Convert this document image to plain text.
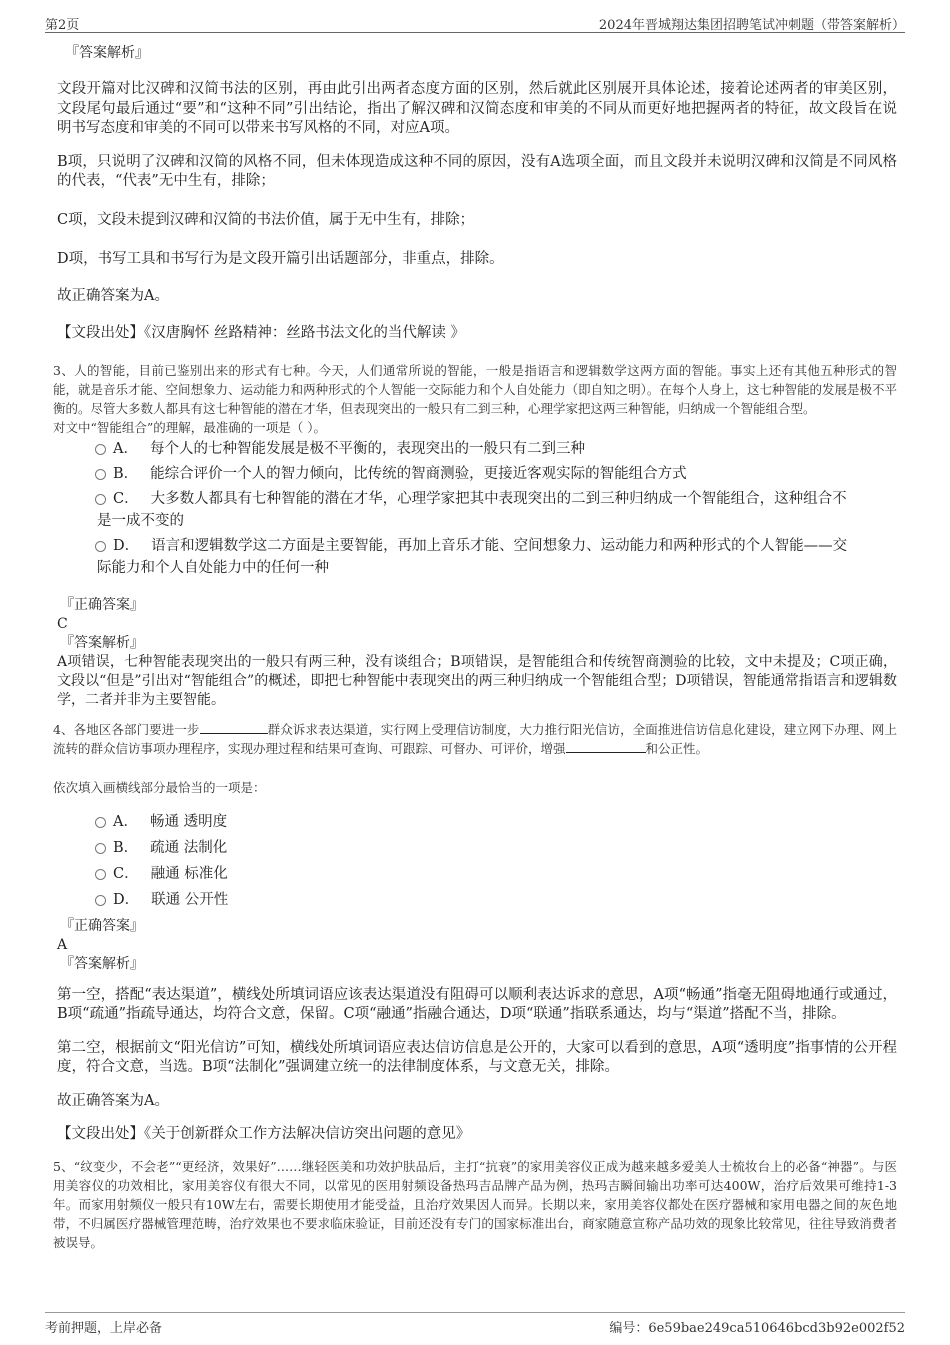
第2页	2024年晋城翔达集团招聘笔试冲刺题（带答案解析）

『答案解析』

文段开篇对比汉碑和汉简书法的区别，再由此引出两者态度方面的区别，然后就此区别展开具体论述，接着论述两者的审美区别，文段尾句最后通过“要”和“这种不同”引出结论，指出了解汉碑和汉简态度和审美的不同从而更好地把握两者的特征，故文段旨在说明书写态度和审美的不同可以带来书写风格的不同，对应A项。

B项，只说明了汉碑和汉简的风格不同，但未体现造成这种不同的原因，没有A选项全面，而且文段并未说明汉碑和汉简是不同风格的代表，“代表”无中生有，排除；

C项，文段未提到汉碑和汉简的书法价值，属于无中生有，排除；

D项，书写工具和书写行为是文段开篇引出话题部分，非重点，排除。

故正确答案为A。

【文段出处】《汉唐胸怀 丝路精神：丝路书法文化的当代解读 》

3、人的智能，目前已鉴别出来的形式有七种。今天，人们通常所说的智能，一般是指语言和逻辑数学这两方面的智能。事实上还有其他五种形式的智能，就是音乐才能、空间想象力、运动能力和两种形式的个人智能一交际能力和个人自处能力（即自知之明）。在每个人身上，这七种智能的发展是极不平衡的。尽管大多数人都具有这七种智能的潜在才华，但表现突出的一般只有二到三种，心理学家把这两三种智能，归纳成一个智能组合型。

对文中“智能组合”的理解，最准确的一项是（ ）。

A． 每个人的七种智能发展是极不平衡的，表现突出的一般只有二到三种
B． 能综合评价一个人的智力倾向，比传统的智商测验，更接近客观实际的智能组合方式
C． 大多数人都具有七种智能的潜在才华，心理学家把其中表现突出的二到三种归纳成一个智能组合，这种组合不

是一成不变的

D． 语言和逻辑数学这二方面是主要智能，再加上音乐才能、空间想象力、运动能力和两种形式的个人智能——交

际能力和个人自处能力中的任何一种

『正确答案』

C

『答案解析』

A项错误，七种智能表现突出的一般只有两三种，没有谈组合；B项错误，是智能组合和传统智商测验的比较，文中未提及；C项正确，文段以“但是”引出对“智能组合”的概述，即把七种智能中表现突出的两三种归纳成一个智能组合型；D项错误，智能通常指语言和逻辑数学，二者并非为主要智能。

4、各地区各部门要进一步	群众诉求表达渠道，实行网上受理信访制度，大力推行阳光信访，全面推进信访信息化建设，建立网下办理、网上流转的群众信访事项办理程序，实现办理过程和结果可查询、可跟踪、可督办、可评价，增强	和公正性。

依次填入画横线部分最恰当的一项是：

A． 畅通 透明度
B． 疏通 法制化
C． 融通 标准化
D． 联通 公开性

『正确答案』

A

『答案解析』

第一空，搭配“表达渠道”，横线处所填词语应该表达渠道没有阻碍可以顺利表达诉求的意思，A项“畅通”指毫无阻碍地通行或通过，B项“疏通”指疏导通达，均符合文意，保留。C项“融通”指融合通达，D项“联通”指联系通达，均与“渠道”搭配不当，排除。

第二空，根据前文“阳光信访”可知，横线处所填词语应表达信访信息是公开的，大家可以看到的意思，A项“透明度”指事情的公开程度，符合文意，当选。B项“法制化”强调建立统一的法律制度体系，与文意无关，排除。

故正确答案为A。

【文段出处】《关于创新群众工作方法解决信访突出问题的意见》

5、“纹变少，不会老”“更经济，效果好”……继轻医美和功效护肤品后，主打“抗衰”的家用美容仪正成为越来越多爱美人士梳妆台上的必备“神器”。与医用美容仪的功效相比，家用美容仪有很大不同，以常见的医用射频设备热玛吉品牌产品为例，热玛吉瞬间输出功率可达400W，治疗后效果可维持1-3年。而家用射频仪一般只有10W左右，需要长期使用才能受益，且治疗效果因人而异。长期以来，家用美容仪都处在医疗器械和家用电器之间的灰色地带，不归属医疗器械管理范畴，治疗效果也不要求临床验证，目前还没有专门的国家标准出台，商家随意宣称产品功效的现象比较常见，往往导致消费者被误导。

考前押题，上岸必备	编号：6e59bae249ca510646bcd3b92e002f52
